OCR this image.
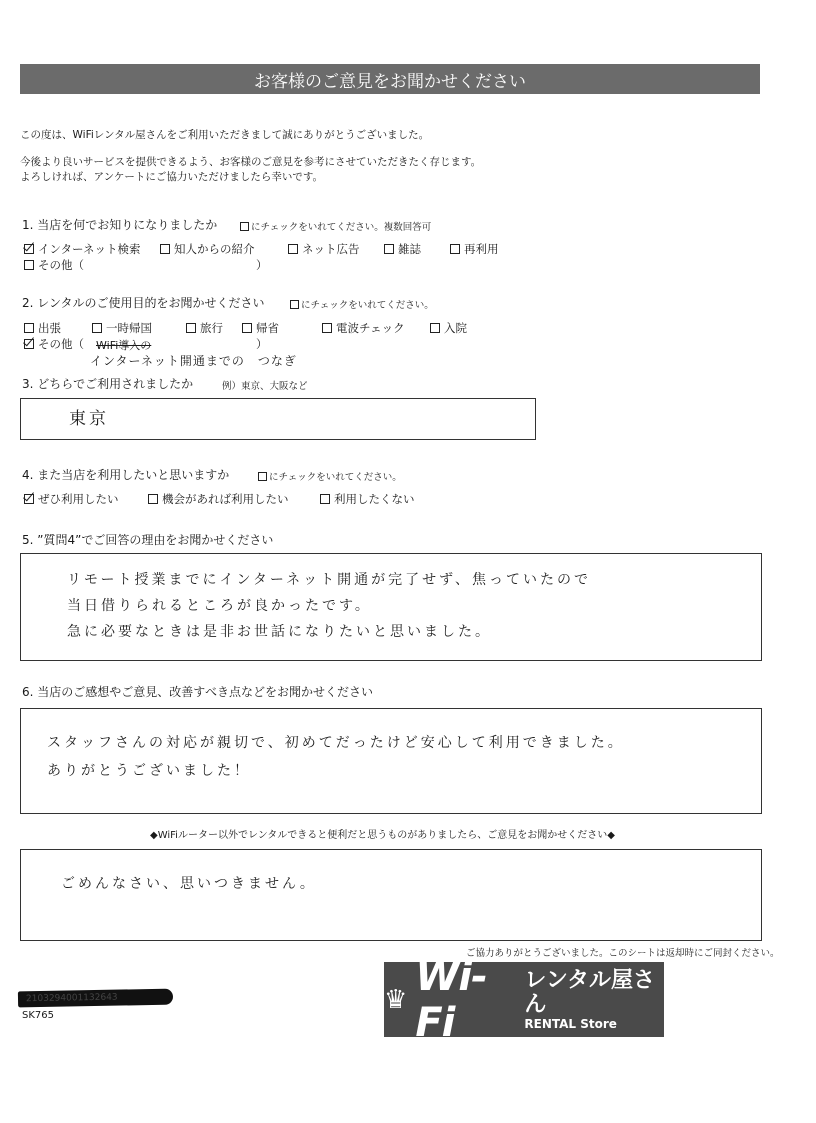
お客様のご意見をお聞かせください
この度は、WiFiレンタル屋さんをご利用いただきまして誠にありがとうございました。
今後より良いサービスを提供できるよう、お客様のご意見を参考にさせていただきたく存じます。
よろしければ、アンケートにご協力いただけましたら幸いです。
1. 当店を何でお知りになりましたか	にチェックをいれてください。複数回答可
インターネット検索	知人からの紹介	ネット広告	雑誌	再利用
その他（	）
2. レンタルのご使用目的をお聞かせください	にチェックをいれてください。
出張	一時帰国	旅行	帰省	電波チェック	入院
その他（ WiFi導入の	）
インターネット開通までの　つなぎ
3. どちらでご利用されましたか	例）東京、大阪など
東京
4. また当店を利用したいと思いますか	にチェックをいれてください。
ぜひ利用したい	機会があれば利用したい	利用したくない
5. ”質問4”でご回答の理由をお聞かせください
リモート授業までにインターネット開通が完了せず、焦っていたので
当日借りられるところが良かったです。
急に必要なときは是非お世話になりたいと思いました。
6. 当店のご感想やご意見、改善すべき点などをお聞かせください
スタッフさんの対応が親切で、初めてだったけど安心して利用できました。
ありがとうございました！
◆WiFiルーター以外でレンタルできると便利だと思うものがありましたら、ご意見をお聞かせください◆
ごめんなさい、思いつきません。
ご協力ありがとうございました。このシートは返却時にご同封ください。
2103294001132643
SK765
♛ Wi-Fi
レンタル屋さん
RENTAL Store
